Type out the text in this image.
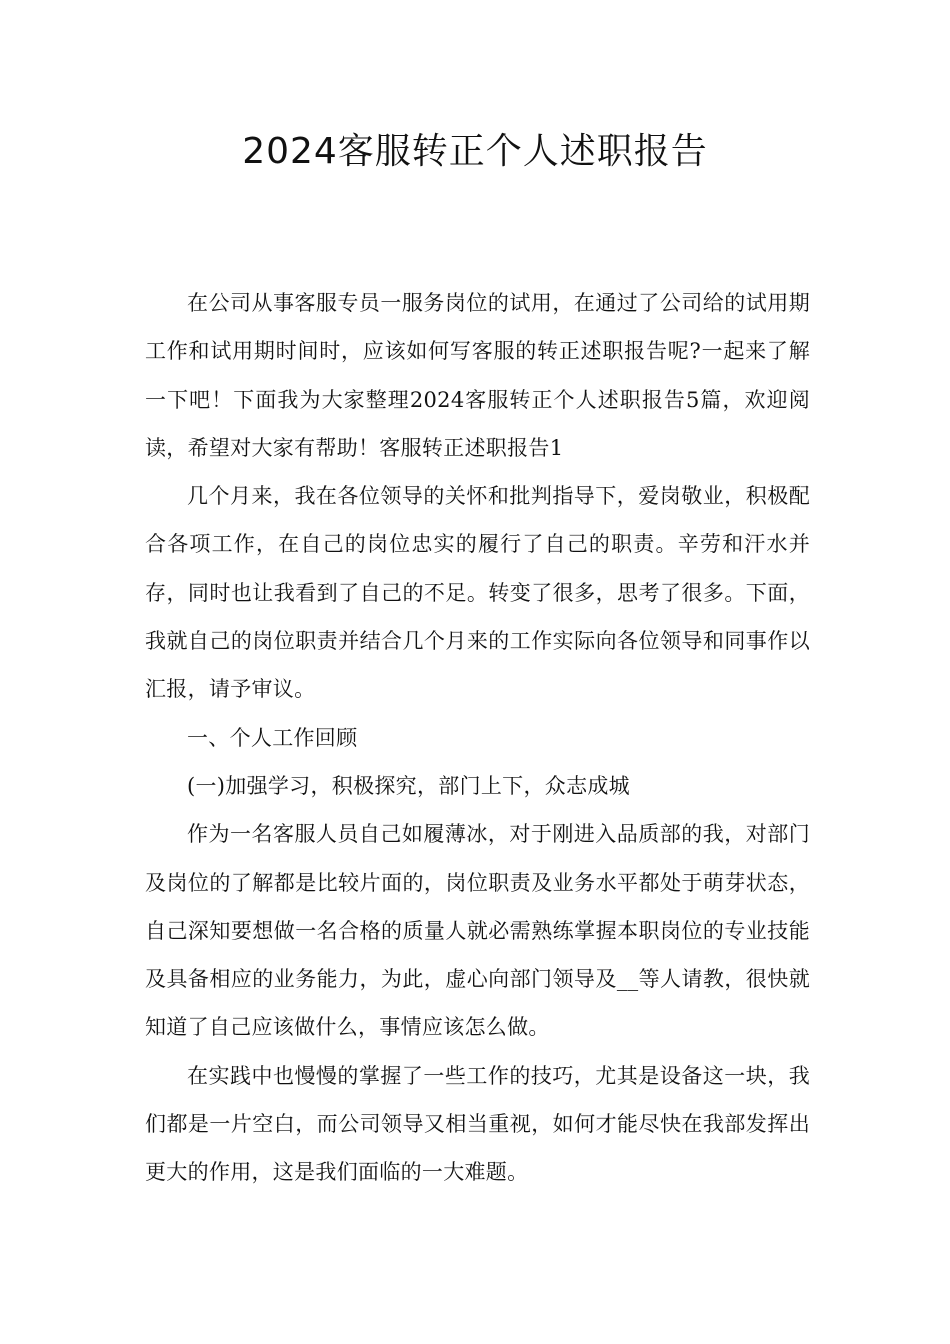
2024客服转正个人述职报告

在公司从事客服专员一服务岗位的试用，在通过了公司给的试用期工作和试用期时间时，应该如何写客服的转正述职报告呢?一起来了解一下吧！下面我为大家整理2024客服转正个人述职报告5篇，欢迎阅读，希望对大家有帮助！客服转正述职报告1

几个月来，我在各位领导的关怀和批判指导下，爱岗敬业，积极配合各项工作，在自己的岗位忠实的履行了自己的职责。辛劳和汗水并存，同时也让我看到了自己的不足。转变了很多，思考了很多。下面，我就自己的岗位职责并结合几个月来的工作实际向各位领导和同事作以汇报，请予审议。

一、个人工作回顾

(一)加强学习，积极探究，部门上下，众志成城

作为一名客服人员自己如履薄冰，对于刚进入品质部的我，对部门及岗位的了解都是比较片面的，岗位职责及业务水平都处于萌芽状态，自己深知要想做一名合格的质量人就必需熟练掌握本职岗位的专业技能及具备相应的业务能力，为此，虚心向部门领导及__等人请教，很快就知道了自己应该做什么，事情应该怎么做。

在实践中也慢慢的掌握了一些工作的技巧，尤其是设备这一块，我们都是一片空白，而公司领导又相当重视，如何才能尽快在我部发挥出更大的作用，这是我们面临的一大难题。
